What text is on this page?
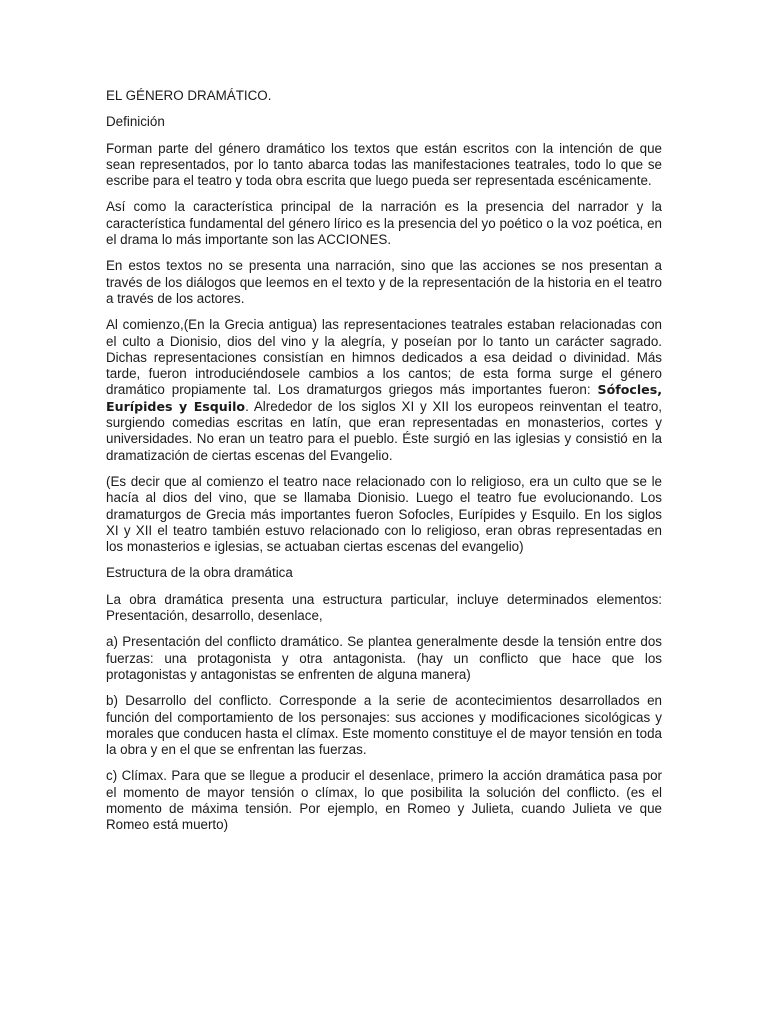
EL GÉNERO DRAMÁTICO.

Definición

Forman parte del género dramático los textos que están escritos con la intención de que sean representados, por lo tanto abarca todas las manifestaciones teatrales, todo lo que se escribe para el teatro y toda obra escrita que luego pueda ser representada escénicamente.

Así como la característica principal de la narración es la presencia del narrador y la característica fundamental del género lírico es la presencia del yo poético o la voz poética, en el drama lo más importante son las ACCIONES.

En estos textos no se presenta una narración, sino que las acciones se nos presentan a través de los diálogos que leemos en el texto y de la representación de la historia en el teatro a través de los actores.

Al comienzo,(En la Grecia antigua) las representaciones teatrales estaban relacionadas con el culto a Dionisio, dios del vino y la alegría, y poseían por lo tanto un carácter sagrado. Dichas representaciones consistían en himnos dedicados a esa deidad o divinidad. Más tarde, fueron introduciéndosele cambios a los cantos; de esta forma surge el género dramático propiamente tal. Los dramaturgos griegos más importantes fueron: Sófocles, Eurípides y Esquilo. Alrededor de los siglos XI y XII los europeos reinventan el teatro, surgiendo comedias escritas en latín, que eran representadas en monasterios, cortes y universidades. No eran un teatro para el pueblo. Éste surgió en las iglesias y consistió en la dramatización de ciertas escenas del Evangelio.

(Es decir que al comienzo el teatro nace relacionado con lo religioso, era un culto que se le hacía al dios del vino, que se llamaba Dionisio. Luego el teatro fue evolucionando. Los dramaturgos de Grecia más importantes fueron Sofocles, Eurípides y Esquilo. En los siglos XI y XII el teatro también estuvo relacionado con lo religioso, eran obras representadas en los monasterios e iglesias, se actuaban ciertas escenas del evangelio)

Estructura de la obra dramática

La obra dramática presenta una estructura particular, incluye determinados elementos: Presentación, desarrollo, desenlace,

a) Presentación del conflicto dramático. Se plantea generalmente desde la tensión entre dos fuerzas: una protagonista y otra antagonista. (hay un conflicto que hace que los protagonistas y antagonistas se enfrenten de alguna manera)

b) Desarrollo del conflicto. Corresponde a la serie de acontecimientos desarrollados en función del comportamiento de los personajes: sus acciones y modificaciones sicológicas y morales que conducen hasta el clímax. Este momento constituye el de mayor tensión en toda la obra y en el que se enfrentan las fuerzas.

c) Clímax. Para que se llegue a producir el desenlace, primero la acción dramática pasa por el momento de mayor tensión o clímax, lo que posibilita la solución del conflicto. (es el momento de máxima tensión. Por ejemplo, en Romeo y Julieta, cuando Julieta ve que Romeo está muerto)
